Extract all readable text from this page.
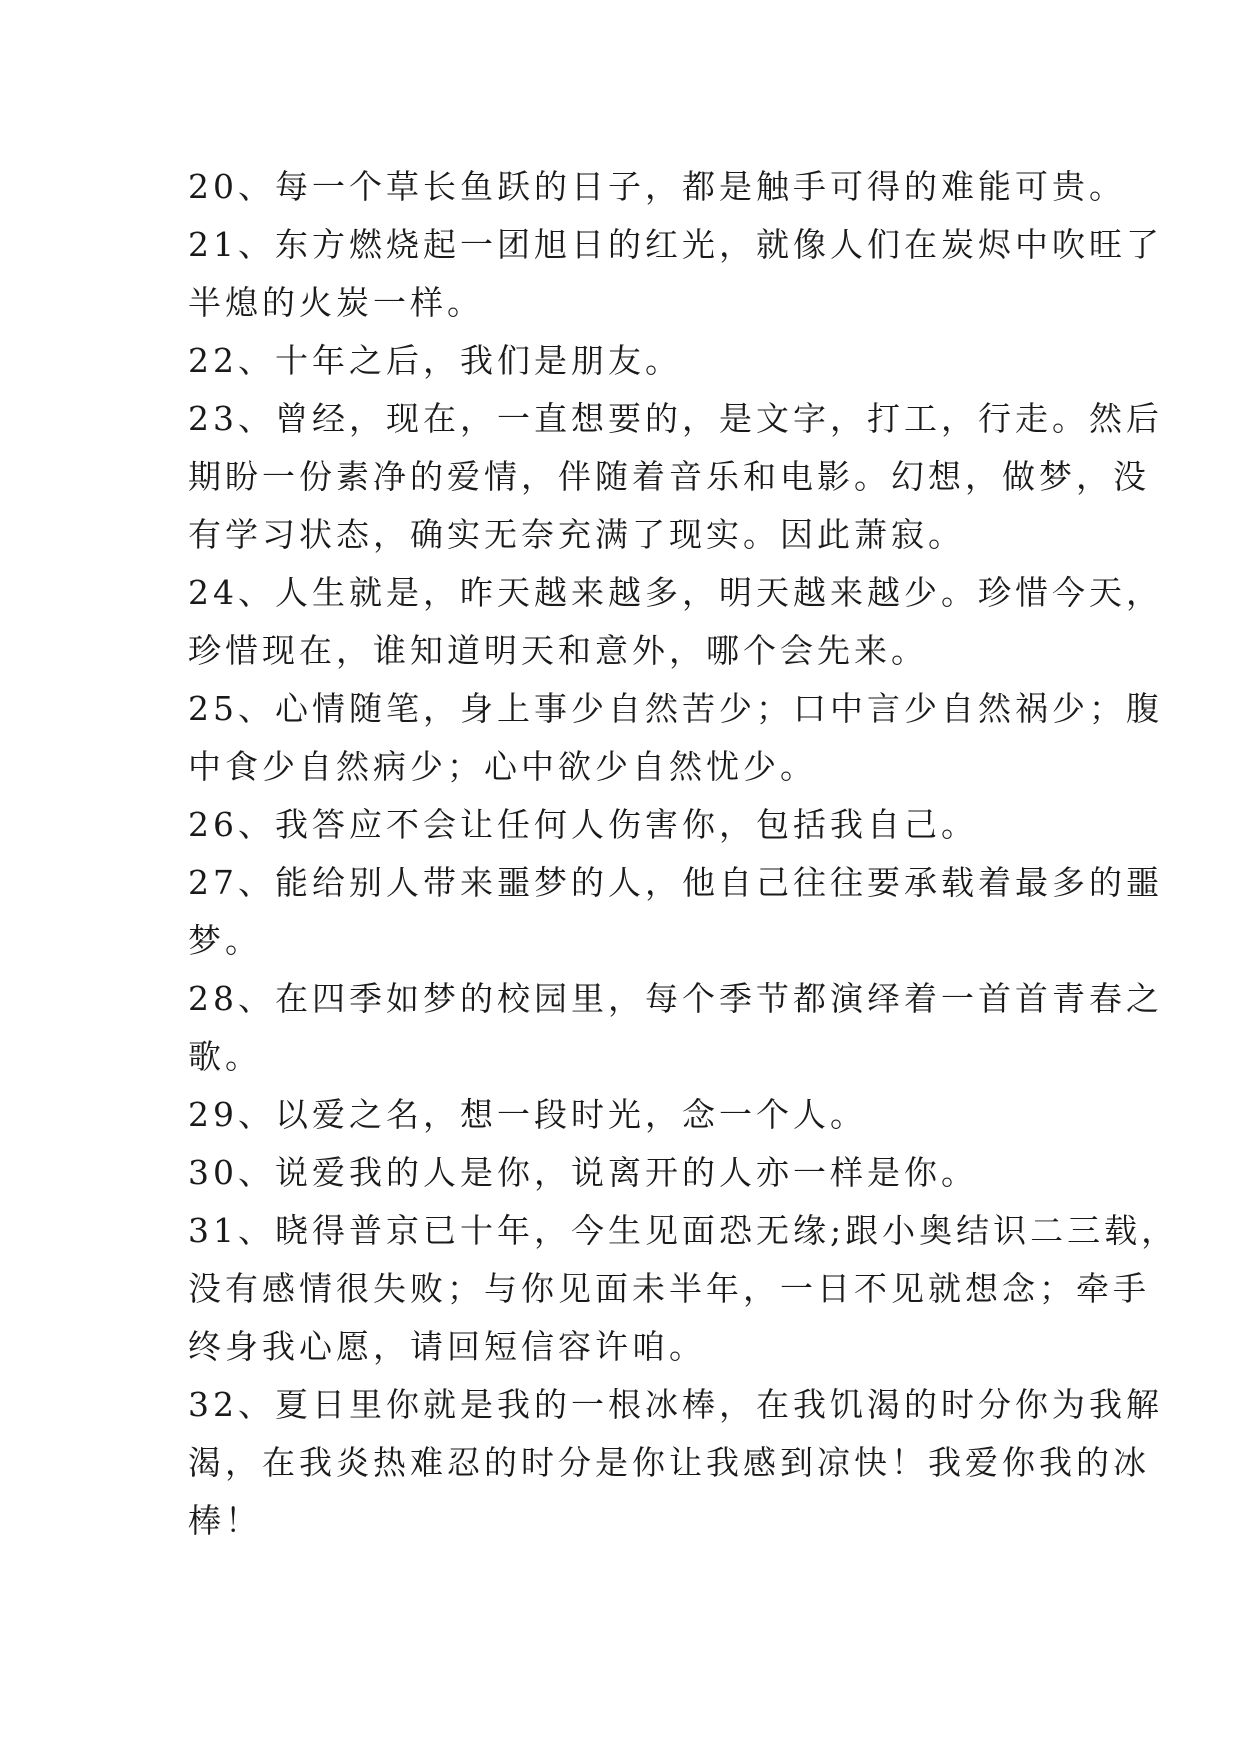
20、每一个草长鱼跃的日子，都是触手可得的难能可贵。
21、东方燃烧起一团旭日的红光，就像人们在炭烬中吹旺了
半熄的火炭一样。
22、十年之后，我们是朋友。
23、曾经，现在，一直想要的，是文字，打工，行走。然后
期盼一份素净的爱情，伴随着音乐和电影。幻想，做梦，没
有学习状态，确实无奈充满了现实。因此萧寂。
24、人生就是，昨天越来越多，明天越来越少。珍惜今天，
珍惜现在，谁知道明天和意外，哪个会先来。
25、心情随笔，身上事少自然苦少；口中言少自然祸少；腹
中食少自然病少；心中欲少自然忧少。
26、我答应不会让任何人伤害你，包括我自己。
27、能给别人带来噩梦的人，他自己往往要承载着最多的噩
梦。
28、在四季如梦的校园里，每个季节都演绎着一首首青春之
歌。
29、以爱之名，想一段时光，念一个人。
30、说爱我的人是你，说离开的人亦一样是你。
31、晓得普京已十年，今生见面恐无缘;跟小奥结识二三载，
没有感情很失败；与你见面未半年，一日不见就想念；牵手
终身我心愿，请回短信容许咱。
32、夏日里你就是我的一根冰棒，在我饥渴的时分你为我解
渴，在我炎热难忍的时分是你让我感到凉快！我爱你我的冰
棒！
